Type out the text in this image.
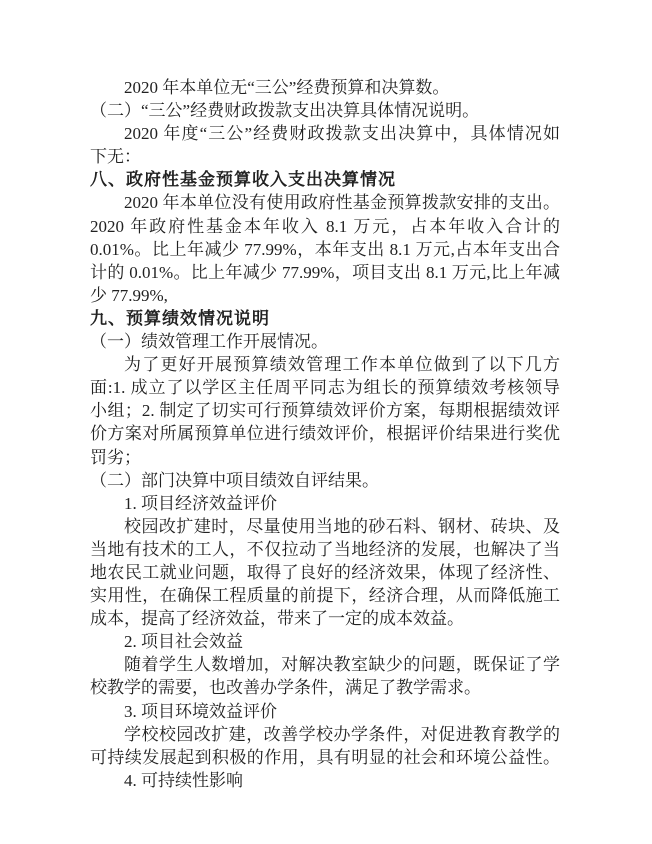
2020 年本单位无“三公”经费预算和决算数。
（二）“三公”经费财政拨款支出决算具体情况说明。
2020 年度“三公”经费财政拨款支出决算中，具体情况如
下无：
八、政府性基金预算收入支出决算情况
2020 年本单位没有使用政府性基金预算拨款安排的支出。
2020 年政府性基金本年收入 8.1 万元，占本年收入合计的
0.01%。比上年减少 77.99%，本年支出 8.1 万元,占本年支出合
计的 0.01%。比上年减少 77.99%，项目支出 8.1 万元,比上年减
少 77.99%,
九、预算绩效情况说明
（一）绩效管理工作开展情况。
为了更好开展预算绩效管理工作本单位做到了以下几方
面:1. 成立了以学区主任周平同志为组长的预算绩效考核领导
小组；2. 制定了切实可行预算绩效评价方案，每期根据绩效评
价方案对所属预算单位进行绩效评价，根据评价结果进行奖优
罚劣；
（二）部门决算中项目绩效自评结果。
1. 项目经济效益评价
校园改扩建时，尽量使用当地的砂石料、钢材、砖块、及
当地有技术的工人，不仅拉动了当地经济的发展，也解决了当
地农民工就业问题，取得了良好的经济效果，体现了经济性、
实用性，在确保工程质量的前提下，经济合理，从而降低施工
成本，提高了经济效益，带来了一定的成本效益。
2. 项目社会效益
随着学生人数增加，对解决教室缺少的问题，既保证了学
校教学的需要，也改善办学条件，满足了教学需求。
3. 项目环境效益评价
学校校园改扩建，改善学校办学条件，对促进教育教学的
可持续发展起到积极的作用，具有明显的社会和环境公益性。
4. 可持续性影响
